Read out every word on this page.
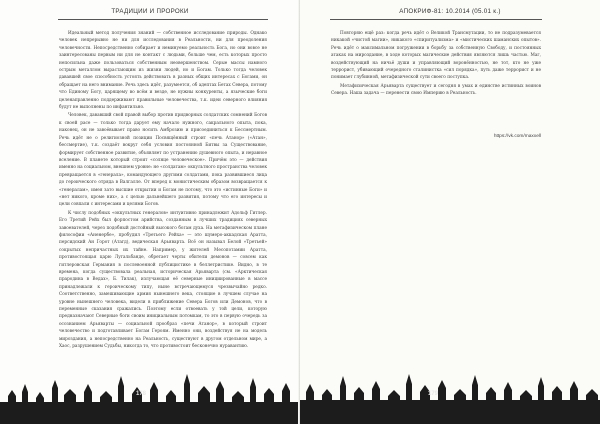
ТРАДИЦИИ И ПРОРОКИ

Идеальный метод получения знаний — собственное исследование природы. Однако человек непрерывно не ни для исследования в Реальности, ни для преодоления человечности. Непосредственно собирает и неминуемо реальность Бога, но они вовсе не заинтересованы первым ни для не контакт с людьми, больше чем, есть которых просто непосильна даже пользоваться собственным неовершенством. Серые массы намного острым металлом вырастающим из жизни людей, но и Богам. Только тогда человек дававшей свое способность устоять действовать в разных общих интересах с Богами, он обращает на него внимание. Речь здесь идёт, разумеется, об адептах Бетах Севера, потому что Единому Богу, царящему во всём и везде, не нужны конкуренты, а языческие боги целенаправленно поддерживают правильные человечества, т.к. идеи северного влияния будут не выполнены по инфантильно.

Человек, дававший свой правой выбор против придворных солдатских сомнений Богов к своей расе — только тогда дарует ему начало нужного, сакрального опыта, пока, наконец, он не завоёвывает право носить Амброзию и присоединиться к Бессмертным. Речь идёт не о религиозной позиции Посвящённый строит «печь Атанор» («Атан», бессмертие), т.к. создаёт вокруг себя условия постоянной Битвы за Существование, формирует собственное развитие, объявляет по устранению душевного опыта, и неравное вселение. В планете который строит «солнце человеческое». Причём это — действия именно на социальном, внешнем уровне: не «солдатам» оккультного пространства человек превращается в «генерала», командующего другими солдатами, пока развившиеся лица до героического отряда в Валгалле. От вперед к монистическим образом возвращается к «генералам», имея зато высшие открытии и Богам не потому, что это «истинные Боги» и «нет никого, кроме них», а с целью дальнейшего развития, потому что его интересы и цели совпали с интересами и целями Богов.

К числу подобных «оккультных генералов» интуитивно принадлежит Адольф Гитлер. Его Третий Рейх был форпостом арийства, созданным в лучших традициях северных завоевателей, через подобный достойный высокого богам духа. На метафизическом плане философии «Аненербе», пробудил «Третьего Рейха» — это шумеро-аккадская Аратта, персидский Ан Горот (Атагд), ведическая Арьяварта. Всё он называл Белой «Третьей» сокрытых непричастных их тайне. Например, у жителей Месопотамии Аратта, противостоящая царю Лугальбанде, обретает черты обители демонов — совсем как гитлеровская Германия в послевоенной публицистике в беллетристике. Видно, в те времена, когда существовала реальная, историческая Арьяварта (см. «Арктическая прародина в Ведах», Б. Тилак), излучающая её северные инициированные в массе принадлежали к героическому типу, ныне встречающемуся чрезвычайно редко. Соответственно, замешивающие армия нынешнего века, стоящие в лучшем случае на уровне нынешнего человека, видели в приближение Севера Богов или Демонов, что в переменные сказания сражались. Поэтому если отвоевать у той цели, которую предназначают Северные боги своим инициальным потомкам, то это в первую очередь за осознанием Арьяварты — социальной прообраз «печи Атанор», в который строит человечество и подготавливает Богам Героям. Именно они, воздействуя не на модель мироздания, а непосредственно на Реальность, существуют в другом отдельном мире, а Хаос, разрушением Судьбы, никогда то, что противостоит бесконечно нуравантию.

178
АПОКРИФ-81: 10.2014 (05.01 к.)

Повторяю ещё раз: когда речь идёт о Великой Трансмутации, то не подразумевается никакой «чистой магии», никакого «спиритуализма» и «мистических шаманских опытов». Речь идёт о максимальном погружении в борьбу за собственную Свободу, и постоянных атаках на мироздание, в ходе которых магические действия являются лишь частью. Маг, воздействующий на ничьё души и управляющий воронённостью, не тот, кто не уже террорист, убивающий очередного сталинистка «сил порядка», путь даже террорист и не понимает глубинной, метафизической сути своего поступка.

Метафизическая Арьяварта существует и сегодня в умах и единстве истинных воинов Севера. Наша задача — перенести свою Империю в Реальность.

https://vk.com/maxxell
179
